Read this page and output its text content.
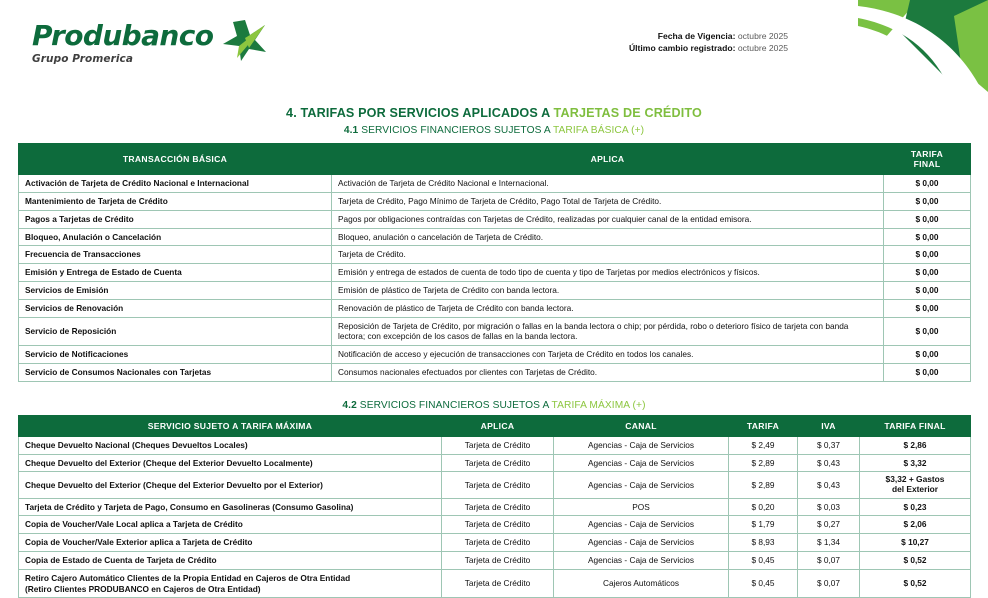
Produbanco
Grupo Promerica
Fecha de Vigencia: octubre 2025
Último cambio registrado: octubre 2025
4. TARIFAS POR SERVICIOS APLICADOS A TARJETAS DE CRÉDITO
4.1 SERVICIOS FINANCIEROS SUJETOS A TARIFA BÁSICA (+)
TRANSACCIÓN BÁSICA	APLICA	TARIFA
FINAL
Activación de Tarjeta de Crédito Nacional e Internacional	Activación de Tarjeta de Crédito Nacional e Internacional.	$ 0,00
Mantenimiento de Tarjeta de Crédito	Tarjeta de Crédito, Pago Mínimo de Tarjeta de Crédito, Pago Total de Tarjeta de Crédito.	$ 0,00
Pagos a Tarjetas de Crédito	Pagos por obligaciones contraídas con Tarjetas de Crédito, realizadas por cualquier canal de la entidad emisora.	$ 0,00
Bloqueo, Anulación o Cancelación	Bloqueo, anulación o cancelación de Tarjeta de Crédito.	$ 0,00
Frecuencia de Transacciones	Tarjeta de Crédito.	$ 0,00
Emisión y Entrega de Estado de Cuenta	Emisión y entrega de estados de cuenta de todo tipo de cuenta y tipo de Tarjetas por medios electrónicos y físicos.	$ 0,00
Servicios de Emisión	Emisión de plástico de Tarjeta de Crédito con banda lectora.	$ 0,00
Servicios de Renovación	Renovación de plástico de Tarjeta de Crédito con banda lectora.	$ 0,00
Servicio de Reposición	Reposición de Tarjeta de Crédito, por migración o fallas en la banda lectora o chip; por pérdida, robo o deterioro físico de tarjeta con banda lectora; con excepción de los casos de fallas en la banda lectora.	$ 0,00
Servicio de Notificaciones	Notificación de acceso y ejecución de transacciones con Tarjeta de Crédito en todos los canales.	$ 0,00
Servicio de Consumos Nacionales con Tarjetas	Consumos nacionales efectuados por clientes con Tarjetas de Crédito.	$ 0,00
4.2 SERVICIOS FINANCIEROS SUJETOS A TARIFA MÁXIMA (+)
SERVICIO SUJETO A TARIFA MÁXIMA	APLICA	CANAL	TARIFA	IVA	TARIFA FINAL
Cheque Devuelto Nacional (Cheques Devueltos Locales)	Tarjeta de Crédito	Agencias - Caja de Servicios	$ 2,49	$ 0,37	$ 2,86
Cheque Devuelto del Exterior (Cheque del Exterior Devuelto Localmente)	Tarjeta de Crédito	Agencias - Caja de Servicios	$ 2,89	$ 0,43	$ 3,32
Cheque Devuelto del Exterior (Cheque del Exterior Devuelto por el Exterior)	Tarjeta de Crédito	Agencias - Caja de Servicios	$ 2,89	$ 0,43	$3,32 + Gastos
del Exterior

Tarjeta de Crédito y Tarjeta de Pago, Consumo en Gasolineras (Consumo Gasolina)	Tarjeta de Crédito	POS	$ 0,20	$ 0,03	$ 0,23
Copia de Voucher/Vale Local aplica a Tarjeta de Crédito	Tarjeta de Crédito	Agencias - Caja de Servicios	$ 1,79	$ 0,27	$ 2,06
Copia de Voucher/Vale Exterior aplica a Tarjeta de Crédito	Tarjeta de Crédito	Agencias - Caja de Servicios	$ 8,93	$ 1,34	$ 10,27
Copia de Estado de Cuenta de Tarjeta de Crédito	Tarjeta de Crédito	Agencias - Caja de Servicios	$ 0,45	$ 0,07	$ 0,52
Retiro Cajero Automático Clientes de la Propia Entidad en Cajeros de Otra Entidad
(Retiro Clientes PRODUBANCO en Cajeros de Otra Entidad)	Tarjeta de Crédito	Cajeros Automáticos	$ 0,45	$ 0,07	$ 0,52
